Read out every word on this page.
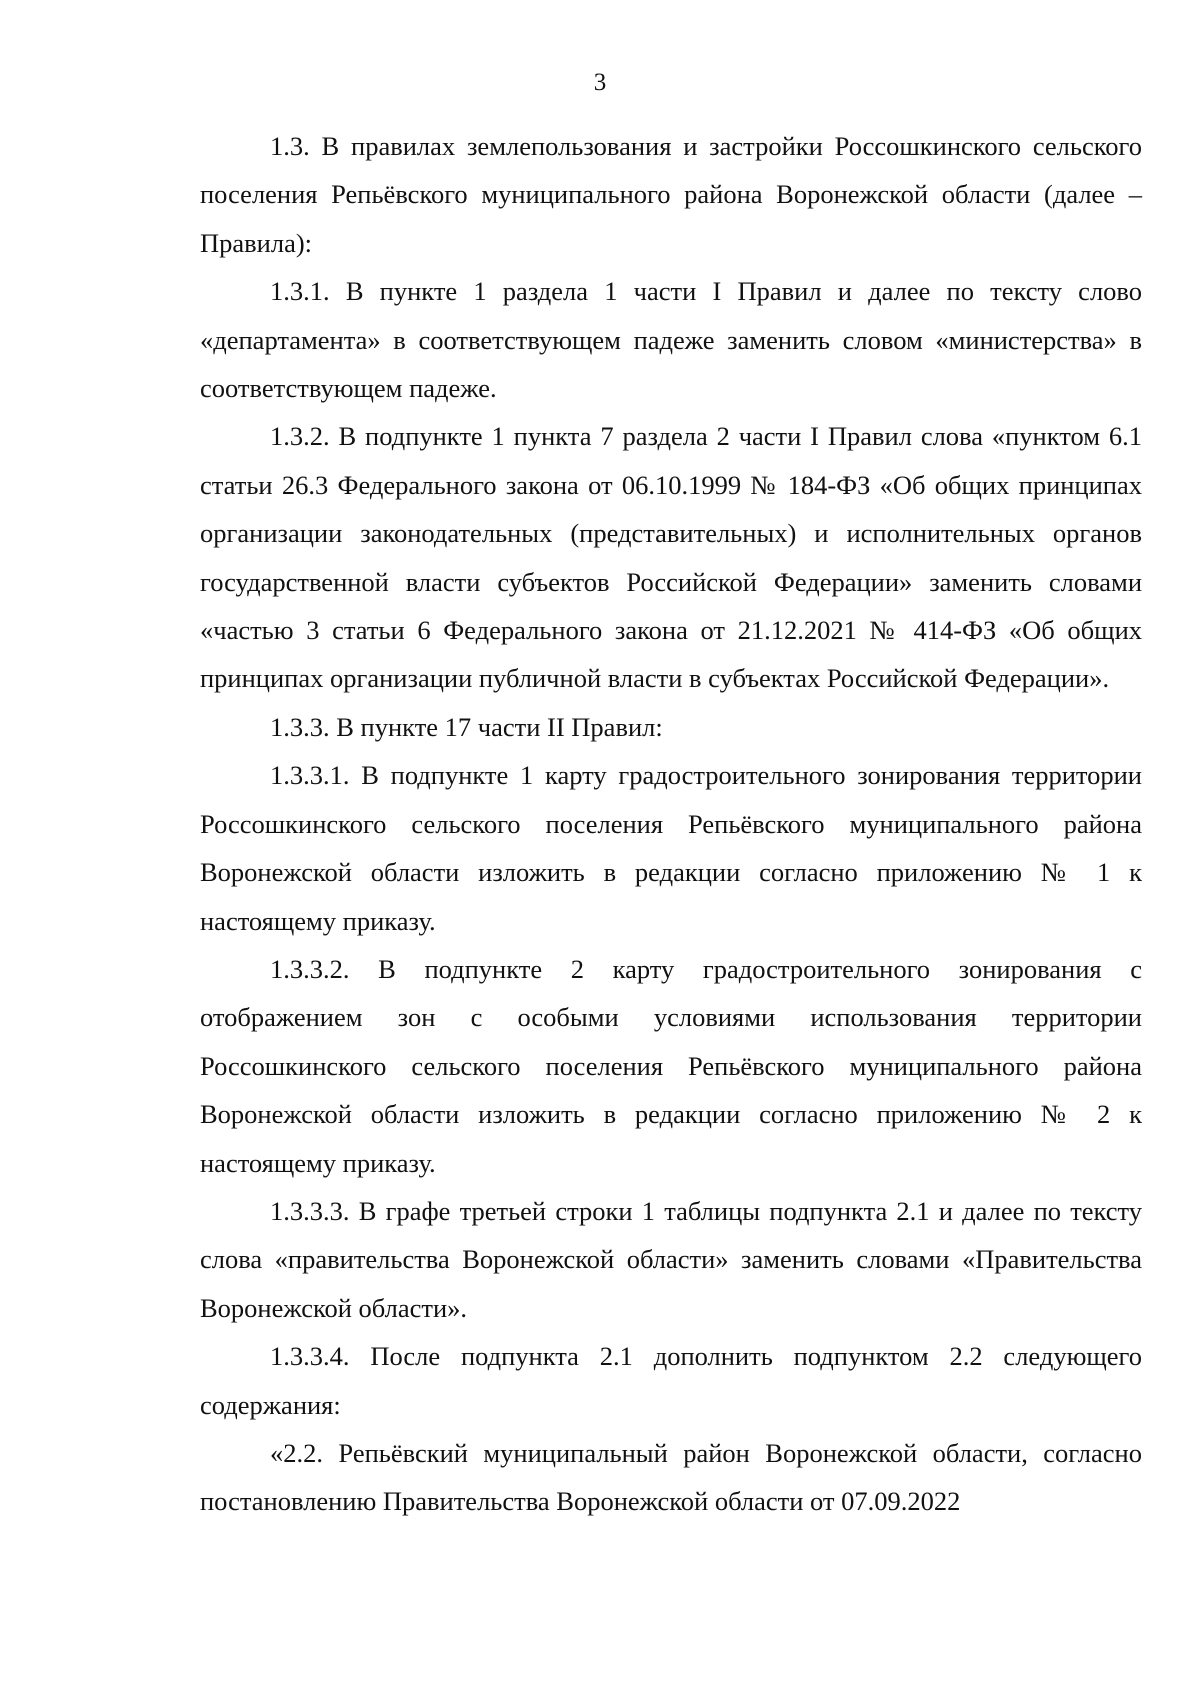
3

1.3. В правилах землепользования и застройки Россошкинского сельского поселения Репьёвского муниципального района Воронежской области (далее – Правила):

1.3.1. В пункте 1 раздела 1 части I Правил и далее по тексту слово «департамента» в соответствующем падеже заменить словом «министерства» в соответствующем падеже.

1.3.2. В подпункте 1 пункта 7 раздела 2 части I Правил слова «пунктом 6.1 статьи 26.3 Федерального закона от 06.10.1999 № 184-ФЗ «Об общих принципах организации законодательных (представительных) и исполнительных органов государственной власти субъектов Российской Федерации» заменить словами «частью 3 статьи 6 Федерального закона от 21.12.2021 № 414-ФЗ «Об общих принципах организации публичной власти в субъектах Российской Федерации».

1.3.3. В пункте 17 части II Правил:

1.3.3.1. В подпункте 1 карту градостроительного зонирования территории Россошкинского сельского поселения Репьёвского муниципального района Воронежской области изложить в редакции согласно приложению № 1 к настоящему приказу.

1.3.3.2. В подпункте 2 карту градостроительного зонирования с отображением зон с особыми условиями использования территории Россошкинского сельского поселения Репьёвского муниципального района Воронежской области изложить в редакции согласно приложению № 2 к настоящему приказу.

1.3.3.3. В графе третьей строки 1 таблицы подпункта 2.1 и далее по тексту слова «правительства Воронежской области» заменить словами «Правительства Воронежской области».

1.3.3.4. После подпункта 2.1 дополнить подпунктом 2.2 следующего содержания:

«2.2. Репьёвский муниципальный район Воронежской области, согласно постановлению Правительства Воронежской области от 07.09.2022
